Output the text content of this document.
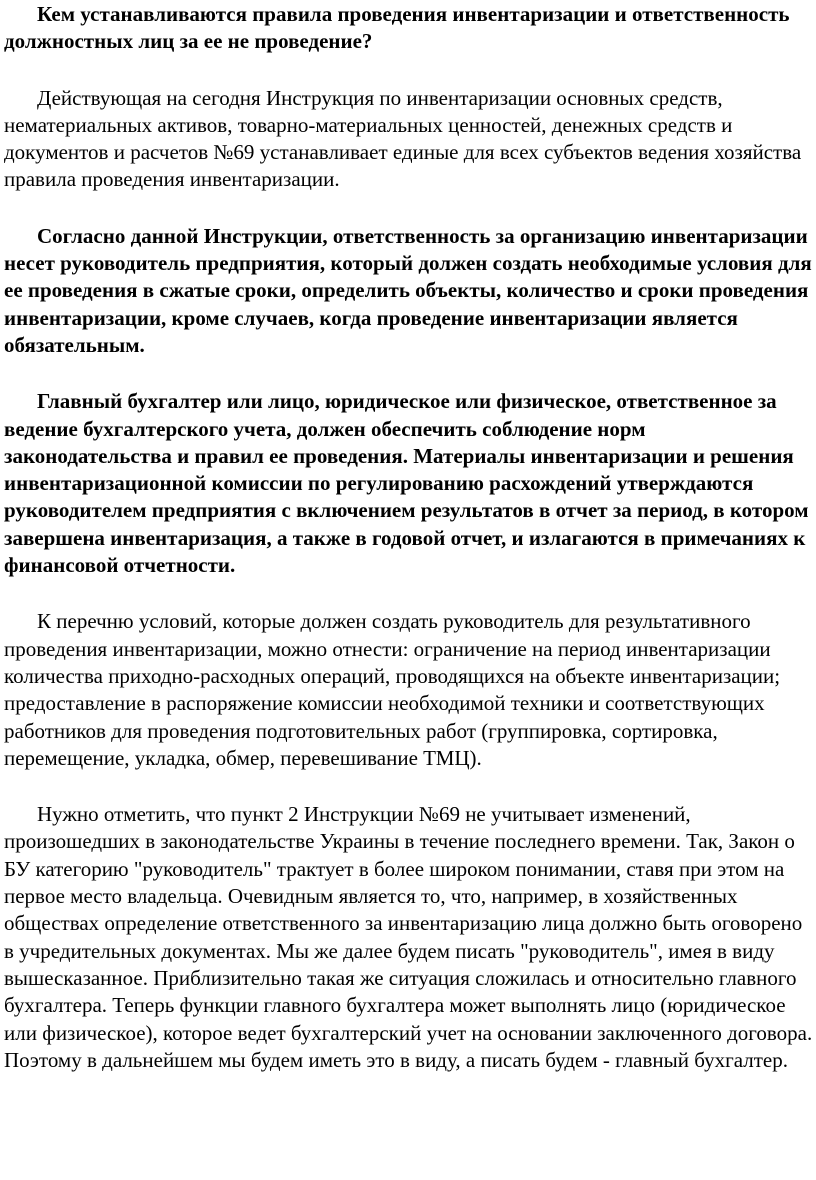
Кем устанавливаются правила проведения инвентаризации и ответственность должностных лиц за ее не проведение?

Действующая на сегодня Инструкция по инвентаризации основных средств, нематериальных активов, товарно-материальных ценностей, денежных средств и документов и расчетов №69 устанавливает единые для всех субъектов ведения хозяйства правила проведения инвентаризации.

Согласно данной Инструкции, ответственность за организацию инвентаризации несет руководитель предприятия, который должен создать необходимые условия для ее проведения в сжатые сроки, определить объекты, количество и сроки проведения инвентаризации, кроме случаев, когда проведение инвентаризации является обязательным.

Главный бухгалтер или лицо, юридическое или физическое, ответственное за ведение бухгалтерского учета, должен обеспечить соблюдение норм законодательства и правил ее проведения. Материалы инвентаризации и решения инвентаризационной комиссии по регулированию расхождений утверждаются руководителем предприятия с включением результатов в отчет за период, в котором завершена инвентаризация, а также в годовой отчет, и излагаются в примечаниях к финансовой отчетности.

К перечню условий, которые должен создать руководитель для результативного проведения инвентаризации, можно отнести: ограничение на период инвентаризации количества приходно-расходных операций, проводящихся на объекте инвентаризации; предоставление в распоряжение комиссии необходимой техники и соответствующих работников для проведения подготовительных работ (группировка, сортировка, перемещение, укладка, обмер, перевешивание ТМЦ).

Нужно отметить, что пункт 2 Инструкции №69 не учитывает изменений, произошедших в законодательстве Украины в течение последнего времени. Так, Закон о БУ категорию "руководитель" трактует в более широком понимании, ставя при этом на первое место владельца. Очевидным является то, что, например, в хозяйственных обществах определение ответственного за инвентаризацию лица должно быть оговорено в учредительных документах. Мы же далее будем писать "руководитель", имея в виду вышесказанное. Приблизительно такая же ситуация сложилась и относительно главного бухгалтера. Теперь функции главного бухгалтера может выполнять лицо (юридическое или физическое), которое ведет бухгалтерский учет на основании заключенного договора. Поэтому в дальнейшем мы будем иметь это в виду, а писать будем - главный бухгалтер.
